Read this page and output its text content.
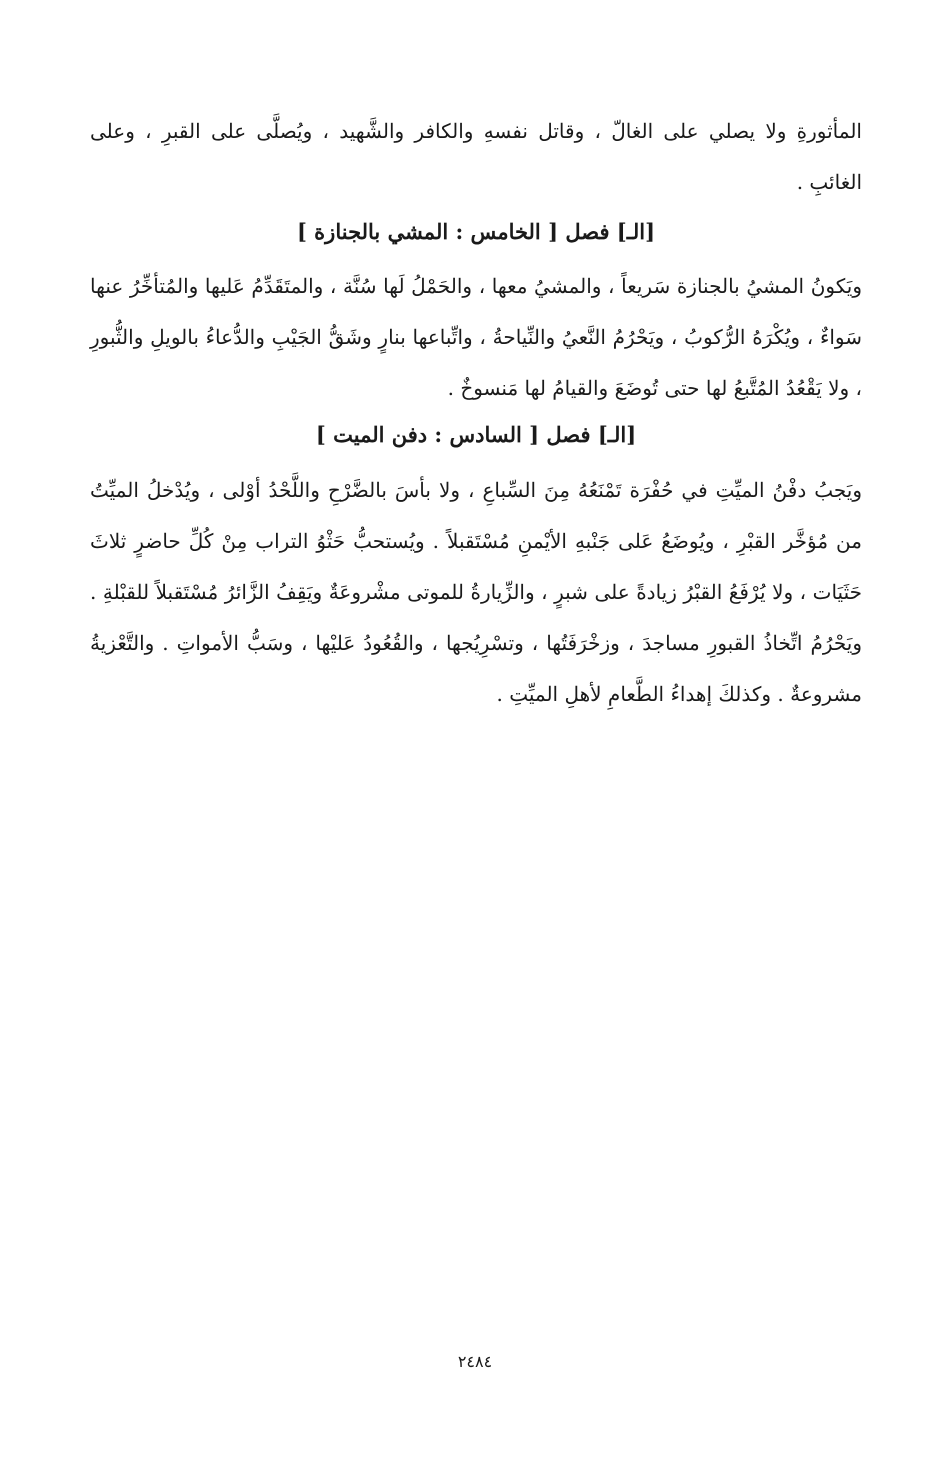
المأثورةِ ولا يصلي على الغالّ ، وقاتل نفسهِ والكافر والشَّهيد ، ويُصلَّى على القبرِ ، وعلى الغائبِ .

[الـ] فصل [ الخامس : المشي بالجنازة ]

ويَكونُ المشيُ بالجنازة سَريعاً ، والمشيُ معها ، والحَمْلُ لَها سُنَّة ، والمتَقَدِّمُ عَليها والمُتأخِّرُ عنها سَواءٌ ، ويُكْرَهُ الرُّكوبُ ، ويَحْرُمُ النَّعيُ والنِّياحةُ ، واتِّباعها بنارٍ وشَقُّ الجَيْبِ والدُّعاءُ بالويلِ والثُّبورِ ، ولا يَقْعُدُ المُتَّبعُ لها حتى تُوضَعَ والقيامُ لها مَنسوخٌ .

[الـ] فصل [ السادس : دفن الميت ]

ويَجبُ دفْنُ الميِّتِ في حُفْرَة تَمْنَعُهُ مِنَ السِّباعِ ، ولا بأسَ بالضَّرْحِ واللَّحْدُ أوْلى ، ويُدْخلُ الميِّتُ من مُؤخَّر القبْرِ ، ويُوضَعُ عَلى جَنْبهِ الأيْمنِ مُسْتَقبلاً . ويُستحبُّ حَثْوُ التراب مِنْ كُلِّ حاضرٍ ثلاثَ حَثَيَات ، ولا يُرْفَعُ القبْرُ زيادةً على شبرٍ ، والزِّيارةُ للموتى مشْروعَةٌ ويَقِفُ الزَّائرُ مُسْتَقبلاً للقبْلةِ . ويَحْرُمُ اتِّخاذُ القبورِ مساجدَ ، وزخْرَفَتُها ، وتسْرِيُجها ، والقُعُودُ عَليْها ، وسَبُّ الأمواتِ . والتَّعْزيةُ مشروعةٌ . وكذلكَ إهداءُ الطَّعامِ لأهلِ الميِّتِ .

٢٤٨٤
